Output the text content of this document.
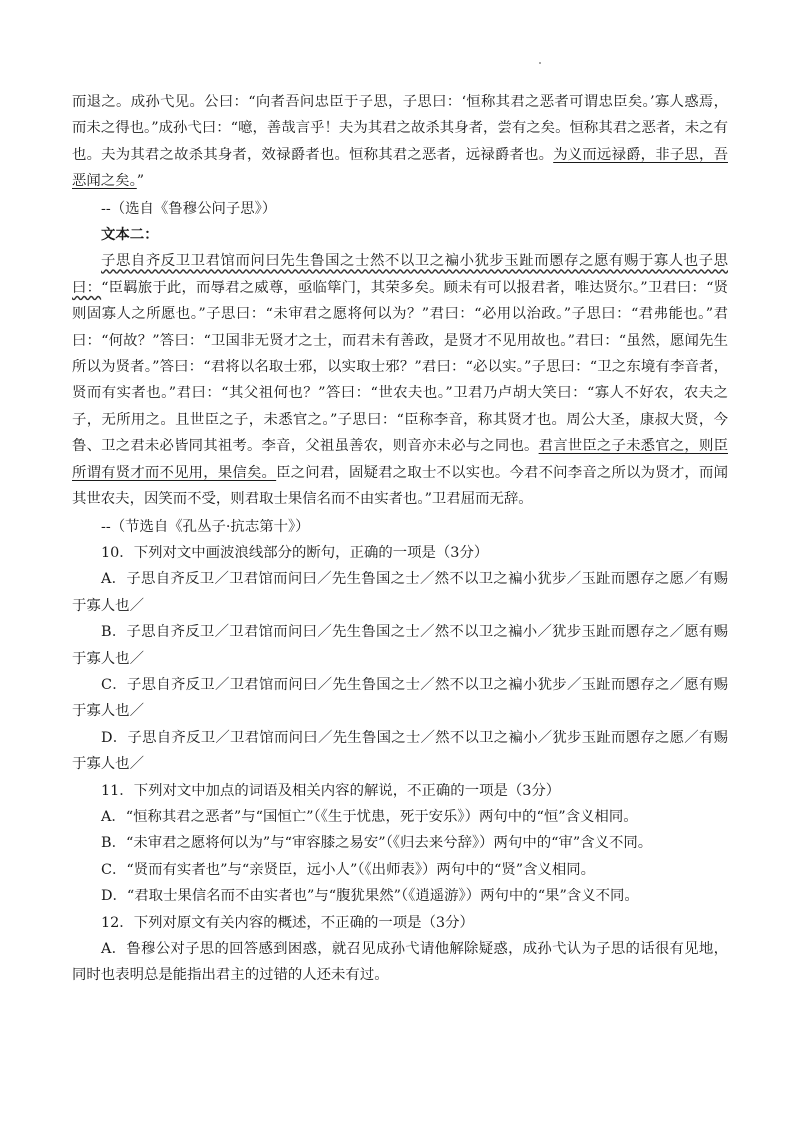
而退之。成孙弋见。公曰：“向者吾问忠臣于子思，子思曰：‘恒称其君之恶者可谓忠臣矣。’寡人惑焉，而未之得也。”成孙弋曰：“噫，善哉言乎！夫为其君之故杀其身者，尝有之矣。恒称其君之恶者，未之有也。夫为其君之故杀其身者，效禄爵者也。恒称其君之恶者，远禄爵者也。为义而远禄爵，非子思，吾恶闻之矣。”

--（选自《鲁穆公问子思》）

文本二：

子思自齐反卫卫君馆而问曰先生鲁国之士然不以卫之褊小犹步玉趾而慁存之愿有赐于寡人也子思曰：“臣羁旅于此，而辱君之威尊，亟临筚门，其荣多矣。顾未有可以报君者，唯达贤尔。”卫君曰：“贤则固寡人之所愿也。”子思曰：“未审君之愿将何以为？”君曰：“必用以治政。”子思曰：“君弗能也。”君曰：“何故？”答曰：“卫国非无贤才之士，而君未有善政，是贤才不见用故也。”君曰：“虽然，愿闻先生所以为贤者。”答曰：“君将以名取士邪，以实取士邪？”君曰：“必以实。”子思曰：“卫之东境有李音者，贤而有实者也。”君曰：“其父祖何也？”答曰：“世农夫也。”卫君乃卢胡大笑曰：“寡人不好农，农夫之子，无所用之。且世臣之子，未悉官之。”子思曰：“臣称李音，称其贤才也。周公大圣，康叔大贤，今鲁、卫之君未必皆同其祖考。李音，父祖虽善农，则音亦未必与之同也。君言世臣之子未悉官之，则臣所谓有贤才而不见用，果信矣。臣之问君，固疑君之取士不以实也。今君不问李音之所以为贤才，而闻其世农夫，因笑而不受，则君取士果信名而不由实者也。”卫君屈而无辞。

--（节选自《孔丛子·抗志第十》）

10．下列对文中画波浪线部分的断句，正确的一项是（3分）

A．子思自齐反卫／卫君馆而问曰／先生鲁国之士／然不以卫之褊小犹步／玉趾而慁存之愿／有赐于寡人也／

B．子思自齐反卫／卫君馆而问曰／先生鲁国之士／然不以卫之褊小／犹步玉趾而慁存之／愿有赐于寡人也／

C．子思自齐反卫／卫君馆而问曰／先生鲁国之士／然不以卫之褊小犹步／玉趾而慁存之／愿有赐于寡人也／

D．子思自齐反卫／卫君馆而问曰／先生鲁国之士／然不以卫之褊小／犹步玉趾而慁存之愿／有赐于寡人也／

11．下列对文中加点的词语及相关内容的解说，不正确的一项是（3分）

A．“恒称其君之恶者”与“国恒亡”（《生于忧患，死于安乐》）两句中的“恒”含义相同。

B．“未审君之愿将何以为”与“审容膝之易安”（《归去来兮辞》）两句中的“审”含义不同。

C．“贤而有实者也”与“亲贤臣，远小人”（《出师表》）两句中的“贤”含义相同。

D．“君取士果信名而不由实者也”与“腹犹果然”（《逍遥游》）两句中的“果”含义不同。

12．下列对原文有关内容的概述，不正确的一项是（3分）

A．鲁穆公对子思的回答感到困惑，就召见成孙弋请他解除疑惑，成孙弋认为子思的话很有见地，同时也表明总是能指出君主的过错的人还未有过。
